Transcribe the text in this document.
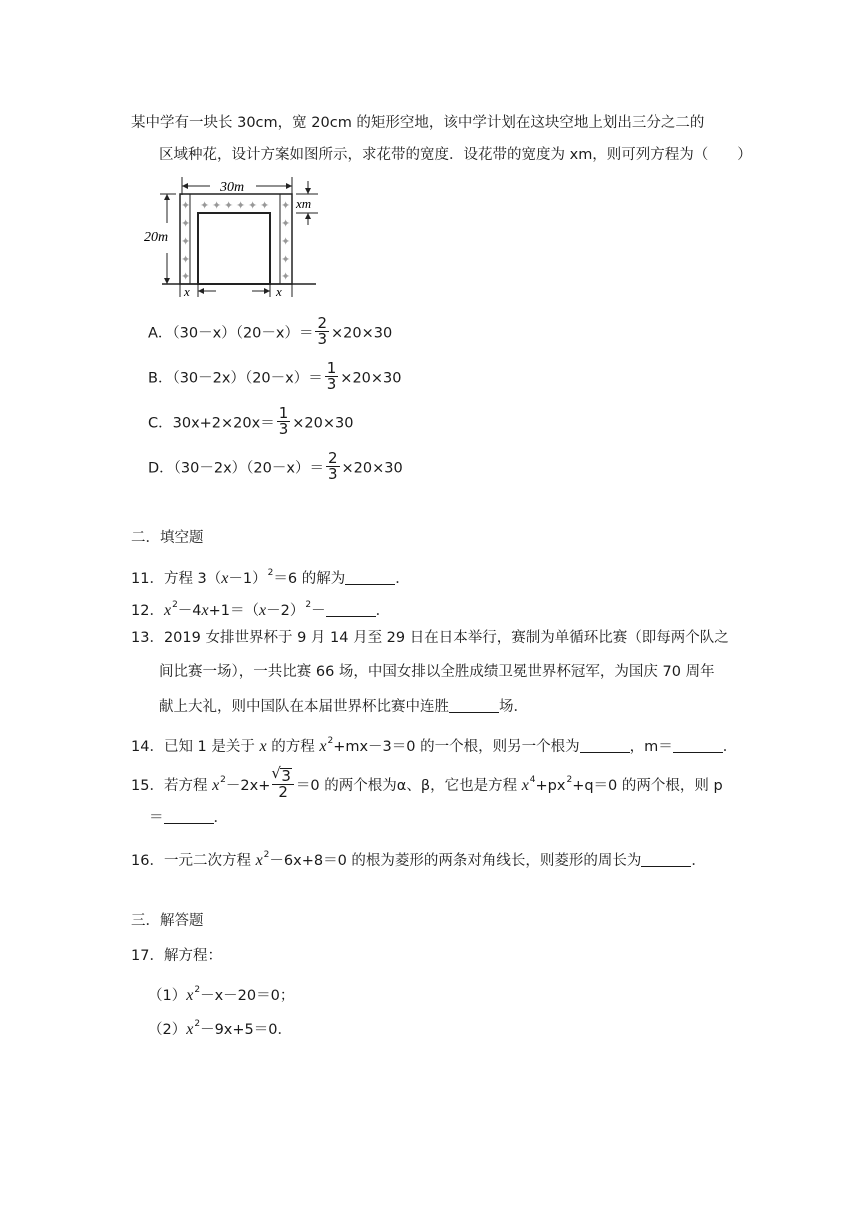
某中学有一块长 30cm，宽 20cm 的矩形空地，该中学计划在这块空地上划出三分之二的
区域种花，设计方案如图所示，求花带的宽度．设花带的宽度为 xm，则可列方程为（　　）
30m
✦
✦
✦
✦
✦
✦
✦
✦
✦
✦
✦ ✦ ✦ ✦ ✦ ✦
20m
xm
x	x
A．$(30-x)(20-x)= \frac{2}{3} \times 20\times 30$
B．$(30-2x)(20-x)= \frac{1}{3} \times 20\times 30$
C．$30x+2\times 20x= \frac{1}{3} \times 20\times 30$
D．$(30-2x)(20-x)= \frac{2}{3} \times 20\times 30$
二．填空题
11．方程 $3(x-1)^2=6$ 的解为	．
12．$x^2-4x+1=(x-2)^2-$	．
13．2019 女排世界杯于 9 月 14 月至 29 日在日本举行，赛制为单循环比赛（即每两个队之
间比赛一场），一共比赛 66 场，中国女排以全胜成绩卫冕世界杯冠军，为国庆 70 周年
献上大礼，则中国队在本届世界杯比赛中连胜	场．
14．已知 1 是关于 x 的方程 $x^2+mx-3=0$ 的一个根，则另一个根为	，m＝	．
15．若方程 $x^2-2x+$
√ $\frac{3}{2} =0$ 的两个根为α、β，它也是方程 $x^4+px^2+q=0$ 的两个根，则 p
＝	．
16．一元二次方程 $x^2-6x+8=0$ 的根为菱形的两条对角线长，则菱形的周长为	．
三．解答题
17．解方程：
$(1)x^2-x-20=0$；
$(2)x^2-9x+5=0$．
